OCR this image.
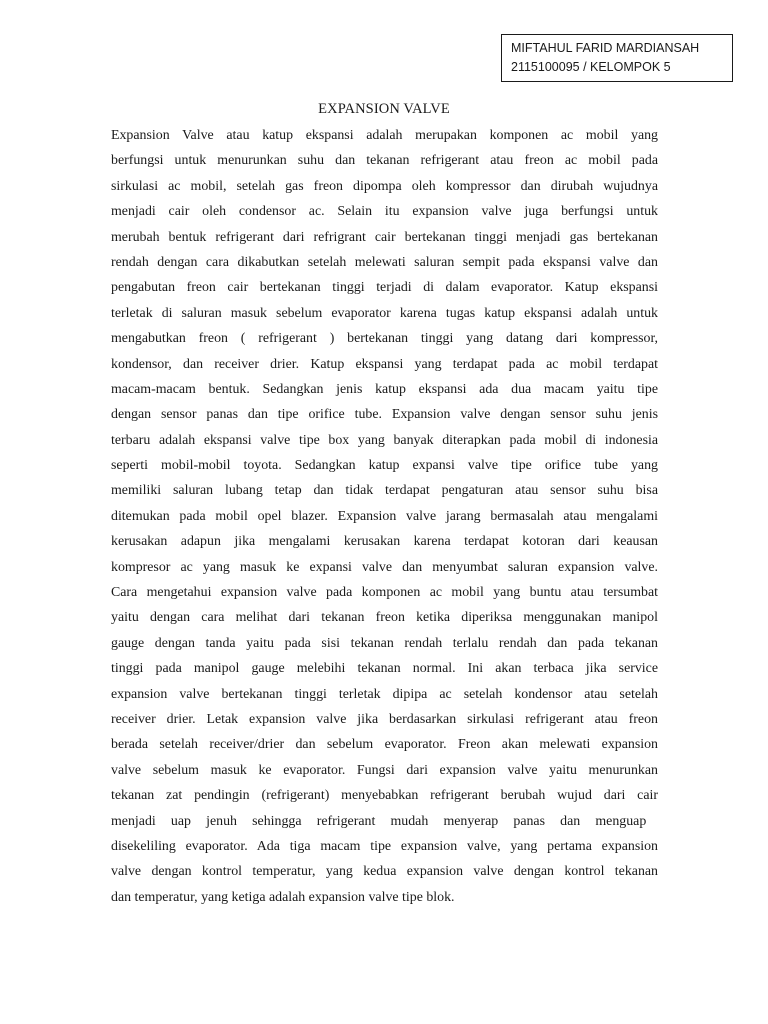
MIFTAHUL FARID MARDIANSAH
2115100095 / KELOMPOK 5
EXPANSION VALVE
Expansion Valve atau katup ekspansi adalah merupakan komponen ac mobil yang
berfungsi untuk menurunkan suhu dan tekanan refrigerant atau freon ac mobil pada
sirkulasi ac mobil, setelah gas freon dipompa oleh kompressor dan dirubah wujudnya
menjadi cair oleh condensor ac. Selain itu expansion valve juga berfungsi untuk
merubah bentuk refrigerant dari refrigrant cair bertekanan tinggi menjadi gas bertekanan
rendah dengan cara dikabutkan setelah melewati saluran sempit pada ekspansi valve dan
pengabutan freon cair bertekanan tinggi terjadi di dalam evaporator. Katup ekspansi
terletak di saluran masuk sebelum evaporator karena tugas katup ekspansi adalah untuk
mengabutkan freon ( refrigerant ) bertekanan tinggi yang datang dari kompressor,
kondensor, dan receiver drier. Katup ekspansi yang terdapat pada ac mobil terdapat
macam-macam bentuk. Sedangkan jenis katup ekspansi ada dua macam yaitu tipe
dengan sensor panas dan tipe orifice tube. Expansion valve dengan sensor suhu jenis
terbaru adalah ekspansi valve tipe box yang banyak diterapkan pada mobil di indonesia
seperti mobil-mobil toyota. Sedangkan katup expansi valve tipe orifice tube yang
memiliki saluran lubang tetap dan tidak terdapat pengaturan atau sensor suhu bisa
ditemukan pada mobil opel blazer. Expansion valve jarang bermasalah atau mengalami
kerusakan adapun jika mengalami kerusakan karena terdapat kotoran dari keausan
kompresor ac yang masuk ke expansi valve dan menyumbat saluran expansion valve.
Cara mengetahui expansion valve pada komponen ac mobil yang buntu atau tersumbat
yaitu dengan cara melihat dari tekanan freon ketika diperiksa menggunakan manipol
gauge dengan tanda yaitu pada sisi tekanan rendah terlalu rendah dan pada tekanan
tinggi pada manipol gauge melebihi tekanan normal. Ini akan terbaca jika service
expansion valve bertekanan tinggi terletak dipipa ac setelah kondensor atau setelah
receiver drier. Letak expansion valve jika berdasarkan sirkulasi refrigerant atau freon
berada setelah receiver/drier dan sebelum evaporator. Freon akan melewati expansion
valve sebelum masuk ke evaporator. Fungsi dari expansion valve yaitu menurunkan
tekanan zat pendingin (refrigerant) menyebabkan refrigerant berubah wujud dari cair
menjadi uap jenuh sehingga refrigerant mudah menyerap panas dan menguap
disekeliling evaporator. Ada tiga macam tipe expansion valve, yang pertama expansion
valve dengan kontrol temperatur, yang kedua expansion valve dengan kontrol tekanan
dan temperatur, yang ketiga adalah expansion valve tipe blok.
